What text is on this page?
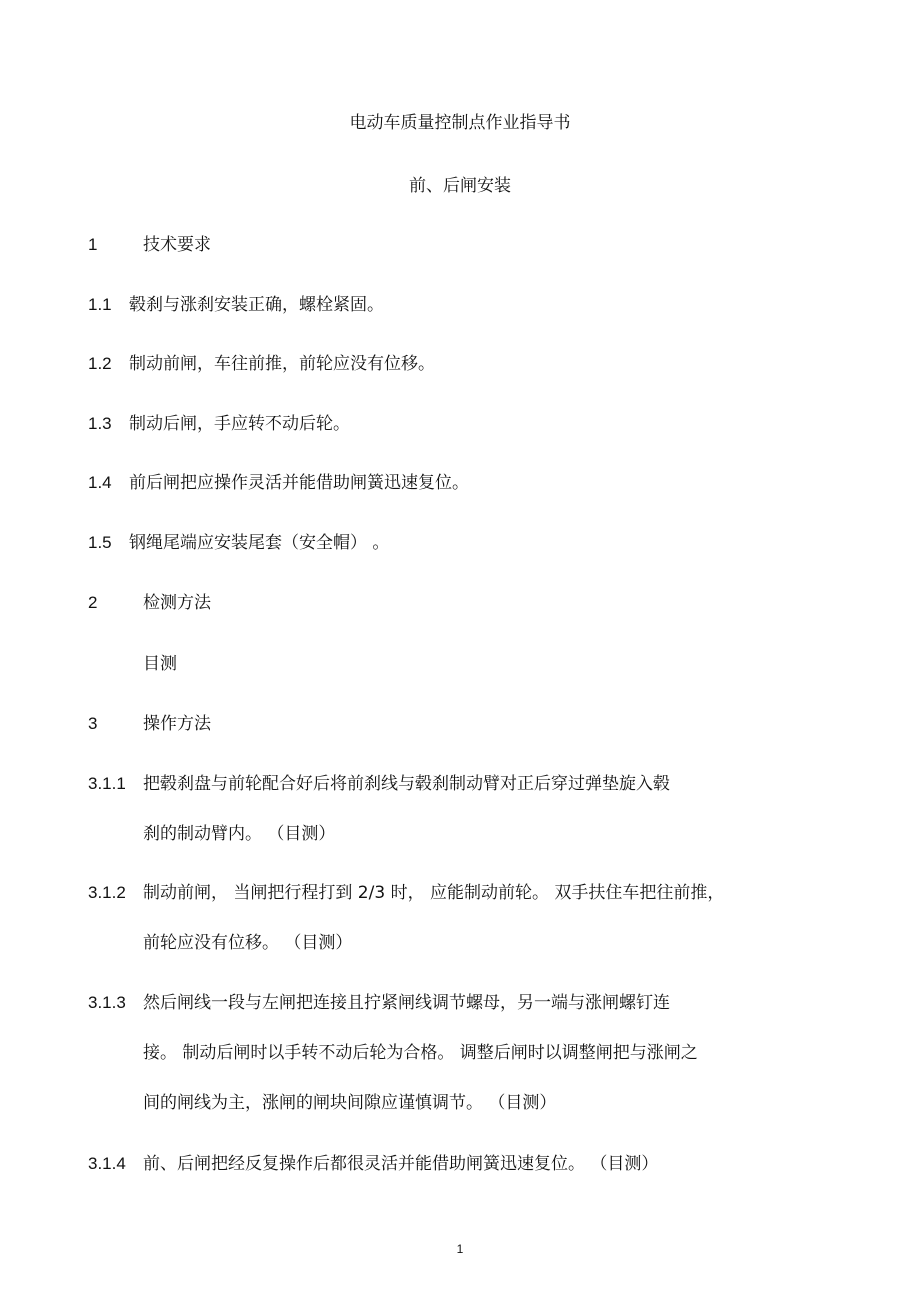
电动车质量控制点作业指导书
前、后闸安装
1	技术要求
1.1 毂刹与涨刹安装正确，螺栓紧固。
1.2 制动前闸，车往前推，前轮应没有位移。
1.3 制动后闸，手应转不动后轮。
1.4 前后闸把应操作灵活并能借助闸簧迅速复位。
1.5 钢绳尾端应安装尾套（安全帽） 。
2	检测方法
目测
3	操作方法
3.1.1 把毂刹盘与前轮配合好后将前刹线与毂刹制动臂对正后穿过弹垫旋入毂
刹的制动臂内。 （目测）
3.1.2 制动前闸， 当闸把行程打到 2/3 时， 应能制动前轮。 双手扶住车把往前推，
前轮应没有位移。 （目测）
3.1.3 然后闸线一段与左闸把连接且拧紧闸线调节螺母，另一端与涨闸螺钉连
接。 制动后闸时以手转不动后轮为合格。 调整后闸时以调整闸把与涨闸之
间的闸线为主，涨闸的闸块间隙应谨慎调节。 （目测）
3.1.4 前、后闸把经反复操作后都很灵活并能借助闸簧迅速复位。 （目测）
1
